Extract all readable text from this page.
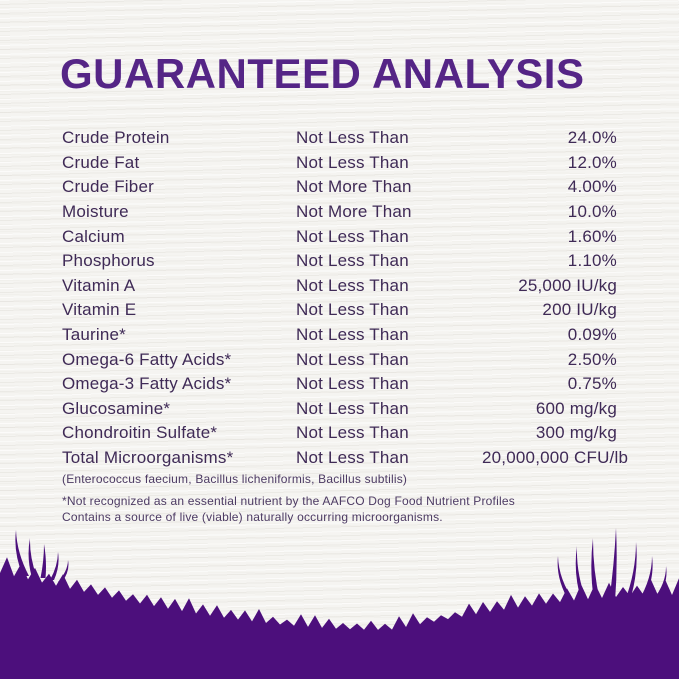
GUARANTEED ANALYSIS
Crude Protein	Not Less Than	24.0%
Crude Fat	Not Less Than	12.0%
Crude Fiber	Not More Than	4.00%
Moisture	Not More Than	10.0%
Calcium	Not Less Than	1.60%
Phosphorus	Not Less Than	1.10%
Vitamin A	Not Less Than	25,000 IU/kg
Vitamin E	Not Less Than	200 IU/kg
Taurine*	Not Less Than	0.09%
Omega-6 Fatty Acids*	Not Less Than	2.50%
Omega-3 Fatty Acids*	Not Less Than	0.75%
Glucosamine*	Not Less Than	600 mg/kg
Chondroitin Sulfate*	Not Less Than	300 mg/kg
Total Microorganisms*	Not Less Than	20,000,000 CFU/lb
(Enterococcus faecium, Bacillus licheniformis, Bacillus subtilis)
*Not recognized as an essential nutrient by the AAFCO Dog Food Nutrient Profiles
Contains a source of live (viable) naturally occurring microorganisms.
